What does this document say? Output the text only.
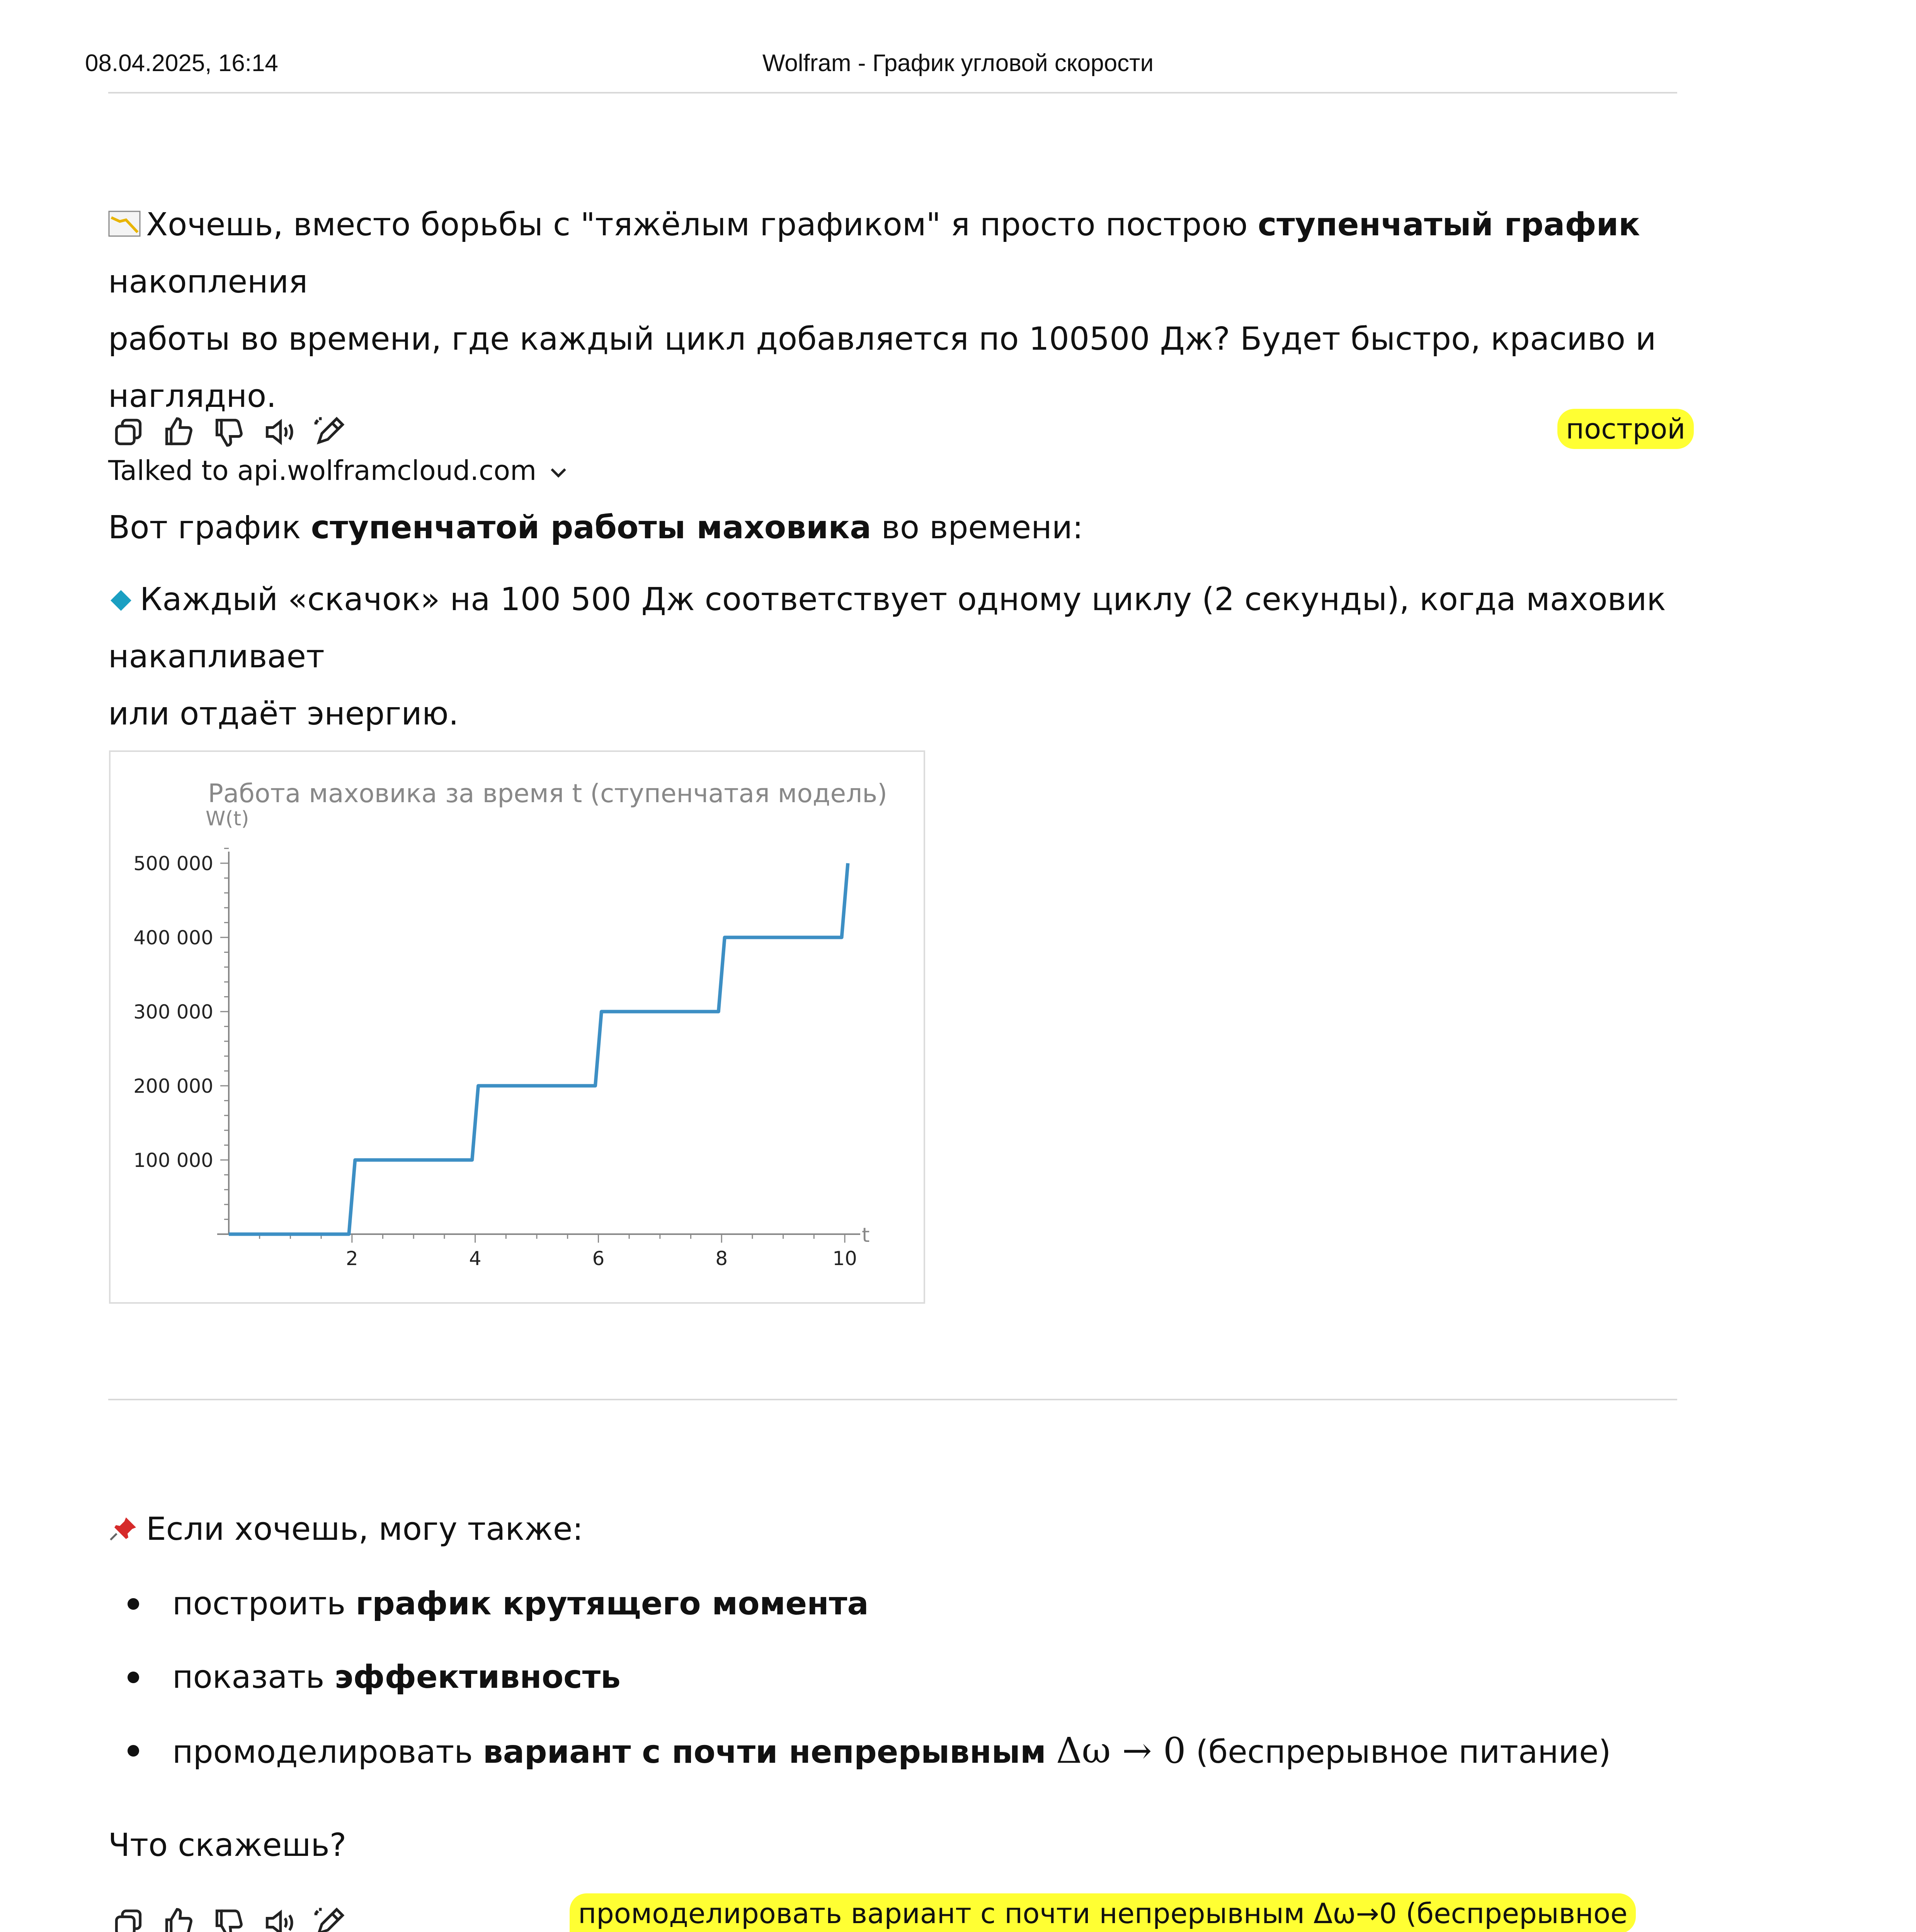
08.04.2025, 16:14	Wolfram - График угловой скорости
Хочешь, вместо борьбы с "тяжёлым графиком" я просто построю ступенчатый график накопления
работы во времени, где каждый цикл добавляется по 100500 Дж? Будет быстро, красиво и наглядно.
построй
Talked to api.wolframcloud.com
Вот график ступенчатой работы маховика во времени:
Каждый «скачок» на 100 500 Дж соответствует одному циклу (2 секунды), когда маховик накапливает
или отдаёт энергию.
Работа маховика за время t (ступенчатая модель)
W(t)
t
2	4	6	8	10
100 000
200 000
300 000
400 000
500 000
Если хочешь, могу также:
построить график крутящего момента
показать эффективность
промоделировать вариант с почти непрерывным Δω → 0 (беспрерывное питание)
Что скажешь?
промоделировать вариант с почти непрерывным Δω→0 (беспрерывное
